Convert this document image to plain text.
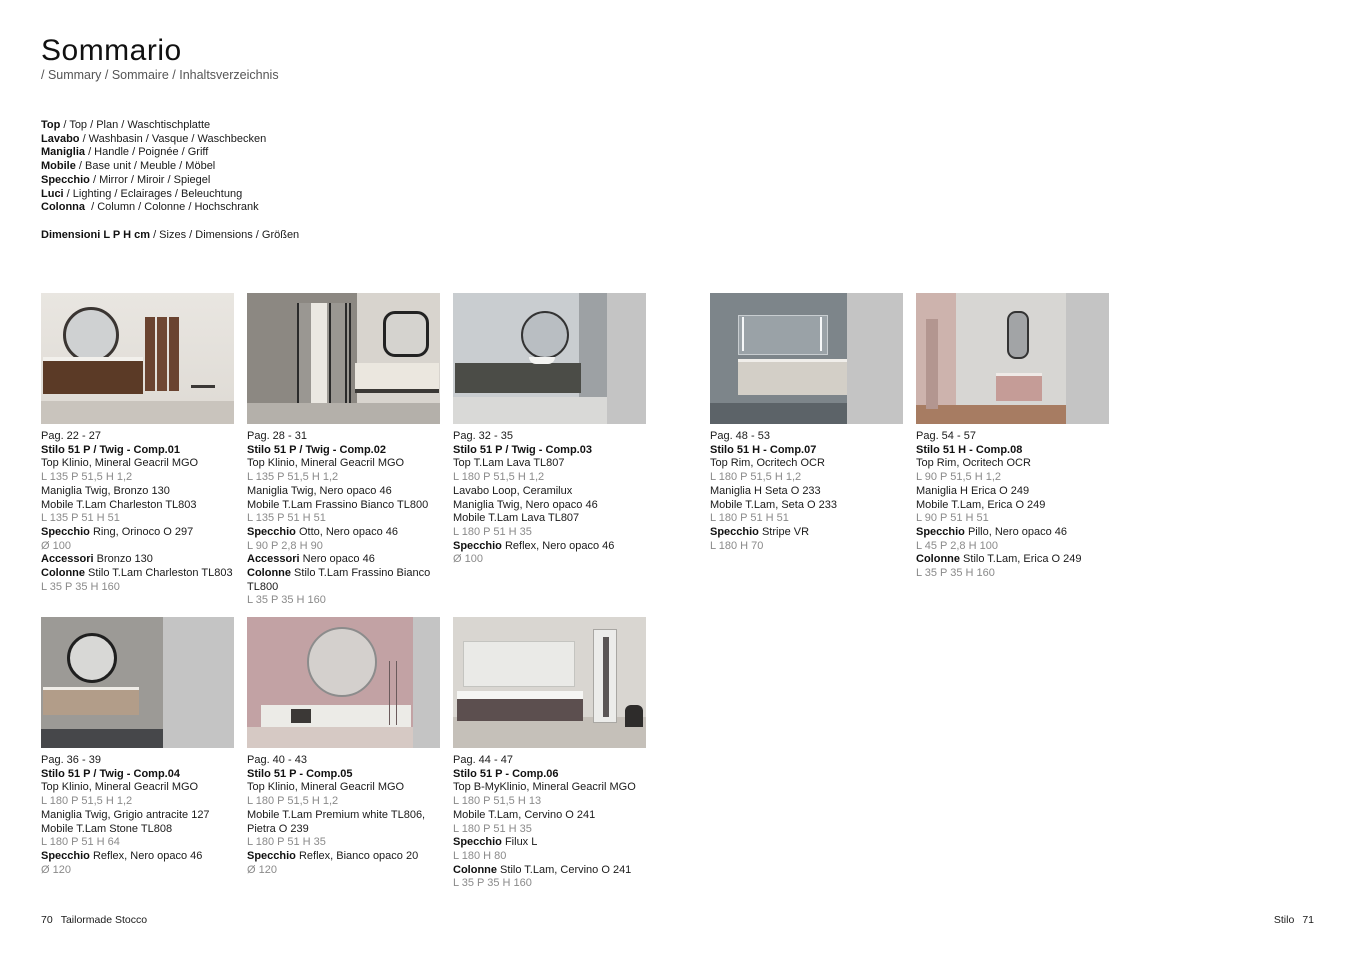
Sommario
/ Summary / Sommaire / Inhaltsverzeichnis
Top / Top / Plan / Waschtischplatte
Lavabo / Washbasin / Vasque / Waschbecken
Maniglia / Handle / Poignée / Griff
Mobile / Base unit / Meuble / Möbel
Specchio / Mirror / Miroir / Spiegel
Luci / Lighting / Eclairages / Beleuchtung
Colonna  / Column / Colonne / Hochschrank
Dimensioni L P H cm / Sizes / Dimensions / Größen
Pag. 22 - 27
Stilo 51 P / Twig - Comp.01
Top Klinio, Mineral Geacril MGO
L 135 P 51,5 H 1,2
Maniglia Twig, Bronzo 130
Mobile T.Lam Charleston TL803
L 135 P 51 H 51
Specchio Ring, Orinoco O 297
Ø 100
Accessori Bronzo 130
Colonne Stilo T.Lam Charleston TL803
L 35 P 35 H 160
Pag. 28 - 31
Stilo 51 P / Twig - Comp.02
Top Klinio, Mineral Geacril MGO
L 135 P 51,5 H 1,2
Maniglia Twig, Nero opaco 46
Mobile T.Lam Frassino Bianco TL800
L 135 P 51 H 51
Specchio Otto, Nero opaco 46
L 90 P 2,8 H 90
Accessori Nero opaco 46
Colonne Stilo T.Lam Frassino Bianco TL800
L 35 P 35 H 160
Pag. 32 - 35
Stilo 51 P / Twig - Comp.03
Top T.Lam Lava TL807
L 180 P 51,5 H 1,2
Lavabo Loop, Ceramilux
Maniglia Twig, Nero opaco 46
Mobile T.Lam Lava TL807
L 180 P 51 H 35
Specchio Reflex, Nero opaco 46
Ø 100
Pag. 48 - 53
Stilo 51 H - Comp.07
Top Rim, Ocritech OCR
L 180 P 51,5 H 1,2
Maniglia H Seta O 233
Mobile T.Lam, Seta O 233
L 180 P 51 H 51
Specchio Stripe VR
L 180 H 70
Pag. 54 - 57
Stilo 51 H - Comp.08
Top Rim, Ocritech OCR
L 90 P 51,5 H 1,2
Maniglia H Erica O 249
Mobile T.Lam, Erica O 249
L 90 P 51 H 51
Specchio Pillo, Nero opaco 46
L 45 P 2,8 H 100
Colonne Stilo T.Lam, Erica O 249
L 35 P 35 H 160
Pag. 36 - 39
Stilo 51 P / Twig - Comp.04
Top Klinio, Mineral Geacril MGO
L 180 P 51,5 H 1,2
Maniglia Twig, Grigio antracite 127
Mobile T.Lam Stone TL808
L 180 P 51 H 64
Specchio Reflex, Nero opaco 46
Ø 120
Pag. 40 - 43
Stilo 51 P - Comp.05
Top Klinio, Mineral Geacril MGO
L 180 P 51,5 H 1,2
Mobile T.Lam Premium white TL806, Pietra O 239
L 180 P 51 H 35
Specchio Reflex, Bianco opaco 20
Ø 120
Pag. 44 - 47
Stilo 51 P - Comp.06
Top B-MyKlinio, Mineral Geacril MGO
L 180 P 51,5 H 13
Mobile T.Lam, Cervino O 241
L 180 P 51 H 35
Specchio Filux L
L 180 H 80
Colonne Stilo T.Lam, Cervino O 241
L 35 P 35 H 160
70 Tailormade Stocco	Stilo 71
